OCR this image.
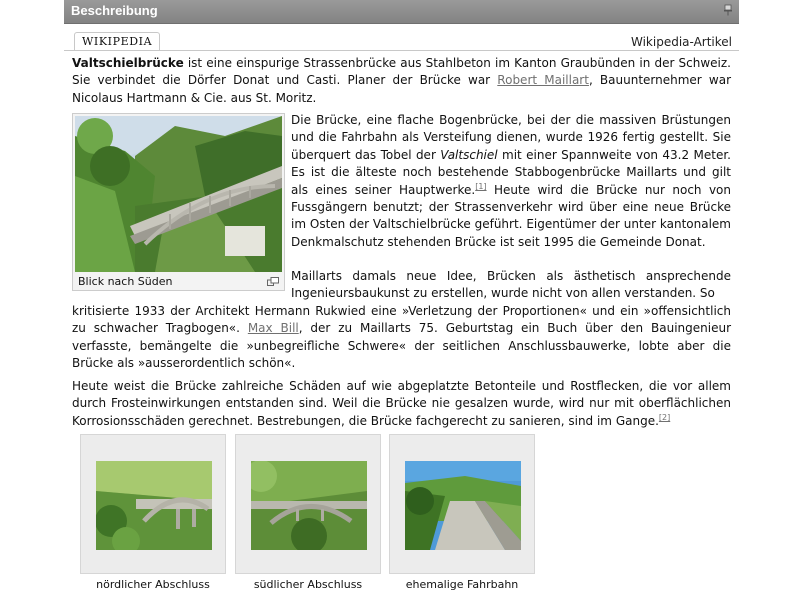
Beschreibung
WIKIPEDIA	Wikipedia-Artikel

Valtschielbrücke ist eine einspurige Strassenbrücke aus Stahlbeton im Kanton Graubünden in der Schweiz. Sie verbindet die Dörfer Donat und Casti. Planer der Brücke war Robert Maillart, Bauunternehmer war Nicolaus Hartmann & Cie. aus St. Moritz.

Blick nach Süden

Die Brücke, eine flache Bogenbrücke, bei der die massiven Brüstungen und die Fahrbahn als Versteifung dienen, wurde 1926 fertig gestellt. Sie überquert das Tobel der Valtschiel mit einer Spannweite von 43.2 Meter. Es ist die älteste noch bestehende Stabbogenbrücke Maillarts und gilt als eines seiner Hauptwerke.[1] Heute wird die Brücke nur noch von Fussgängern benutzt; der Strassenverkehr wird über eine neue Brücke im Osten der Valtschielbrücke geführt. Eigentümer der unter kantonalem Denkmalschutz stehenden Brücke ist seit 1995 die Gemeinde Donat.

Maillarts damals neue Idee, Brücken als ästhetisch ansprechende Ingenieursbaukunst zu erstellen, wurde nicht von allen verstanden. So
kritisierte 1933 der Architekt Hermann Rukwied eine »Verletzung der Proportionen« und ein »offensichtlich zu schwacher Tragbogen«. Max Bill, der zu Maillarts 75. Geburtstag ein Buch über den Bauingenieur verfasste, bemängelte die »unbegreifliche Schwere« der seitlichen Anschlussbauwerke, lobte aber die Brücke als »ausserordentlich schön«.

Heute weist die Brücke zahlreiche Schäden auf wie abgeplatzte Betonteile und Rostflecken, die vor allem durch Frosteinwirkungen entstanden sind. Weil die Brücke nie gesalzen wurde, wird nur mit oberflächlichen Korrosionsschäden gerechnet. Bestrebungen, die Brücke fachgerecht zu sanieren, sind im Gange.[2]

nördlicher Abschluss	südlicher Abschluss	ehemalige Fahrbahn
